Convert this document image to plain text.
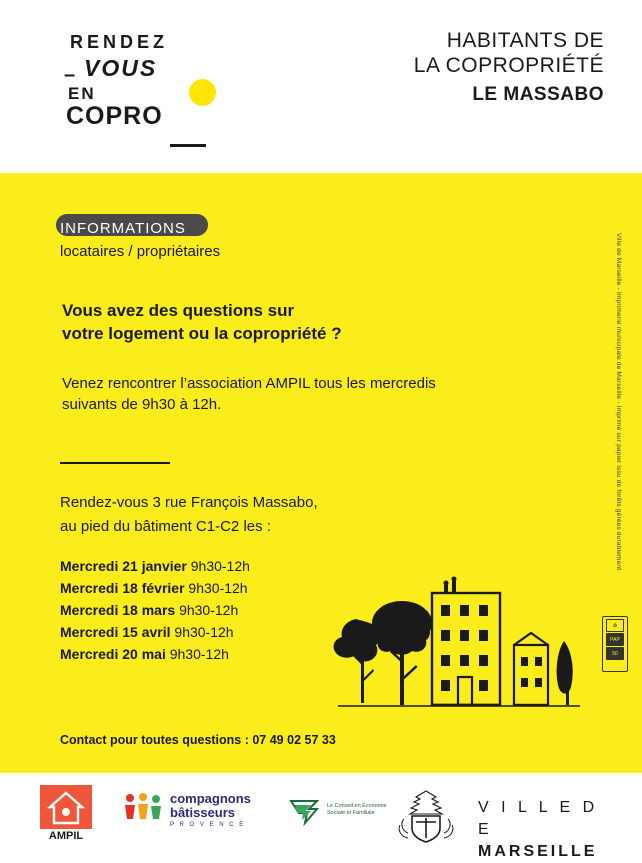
RENDEZ
– VOUS
EN
COPRO
HABITANTS DE
LA COPROPRIÉTÉ
LE MASSABO
INFORMATIONS
locataires / propriétaires
Vous avez des questions sur
votre logement ou la copropriété ?
Venez rencontrer l’association AMPIL tous les mercredis
suivants de 9h30 à 12h.
Rendez-vous 3 rue François Massabo,
au pied du bâtiment C1-C2 les :
Mercredi 21 janvier 9h30-12h
Mercredi 18 février 9h30-12h
Mercredi 18 mars 9h30-12h
Mercredi 15 avril 9h30-12h
Mercredi 20 mai 9h30-12h
Contact pour toutes questions : 07 49 02 57 33
Ville de Marseille - Imprimerie municipale de Marseille - Imprimé sur papier issu de forêts gérées durablement
♻
PAP
50
AMPIL
compagnons
bâtisseurs
P R O V E N C E
Le Conseil en Economie
Sociale et Familiale	V I L L E D E
MARSEILLE
